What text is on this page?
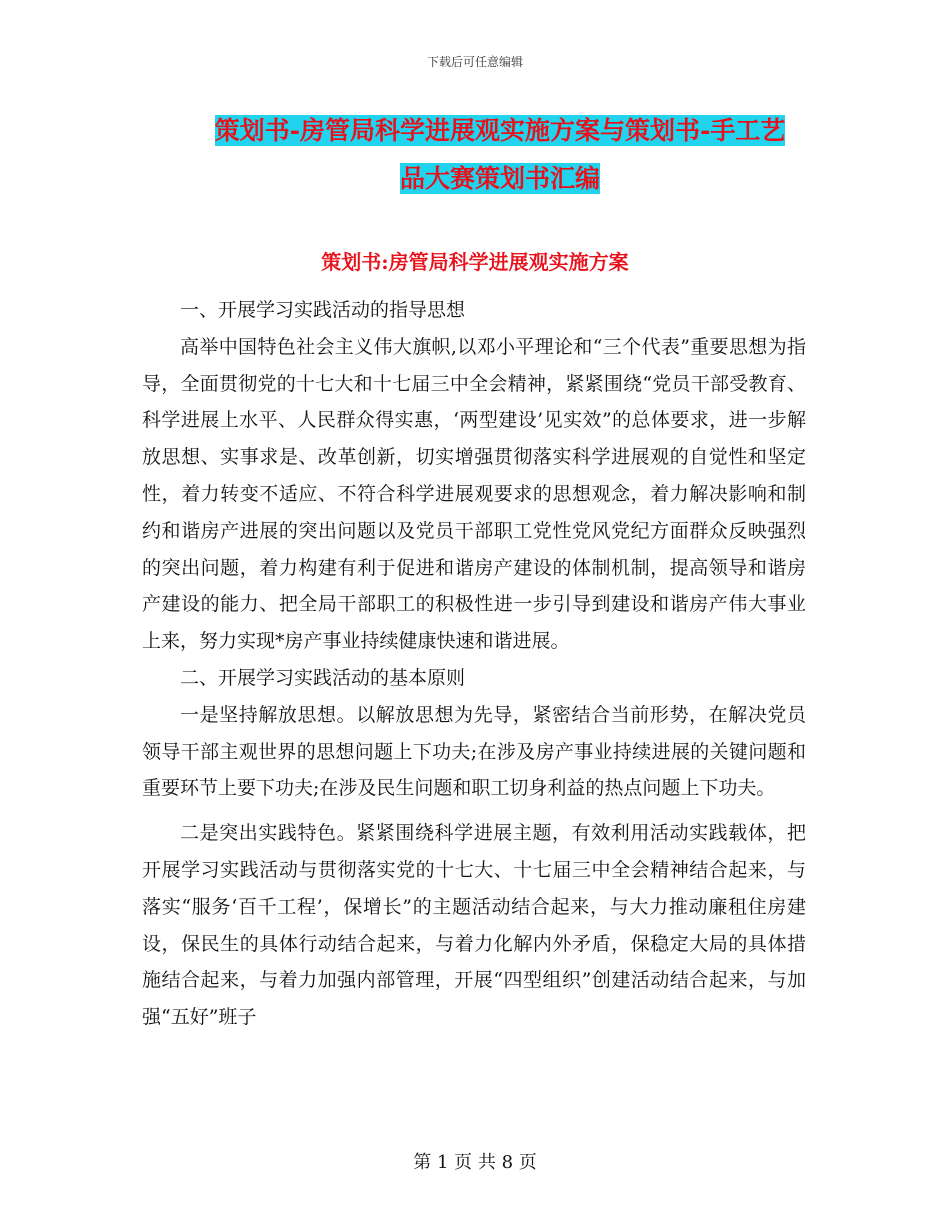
下载后可任意编辑
策划书-房管局科学进展观实施方案与策划书-手工艺
品大赛策划书汇编
策划书:房管局科学进展观实施方案

一、开展学习实践活动的指导思想

高举中国特色社会主义伟大旗帜,以邓小平理论和“三个代表”重要思想为指导，全面贯彻党的十七大和十七届三中全会精神，紧紧围绕“党员干部受教育、科学进展上水平、人民群众得实惠，‘两型建设’见实效”的总体要求，进一步解放思想、实事求是、改革创新，切实增强贯彻落实科学进展观的自觉性和坚定性，着力转变不适应、不符合科学进展观要求的思想观念，着力解决影响和制约和谐房产进展的突出问题以及党员干部职工党性党风党纪方面群众反映强烈的突出问题，着力构建有利于促进和谐房产建设的体制机制，提高领导和谐房产建设的能力、把全局干部职工的积极性进一步引导到建设和谐房产伟大事业上来，努力实现*房产事业持续健康快速和谐进展。

二、开展学习实践活动的基本原则

一是坚持解放思想。以解放思想为先导，紧密结合当前形势，在解决党员领导干部主观世界的思想问题上下功夫;在涉及房产事业持续进展的关键问题和重要环节上要下功夫;在涉及民生问题和职工切身利益的热点问题上下功夫。

二是突出实践特色。紧紧围绕科学进展主题，有效利用活动实践载体，把开展学习实践活动与贯彻落实党的十七大、十七届三中全会精神结合起来，与落实“服务‘百千工程’，保增长”的主题活动结合起来，与大力推动廉租住房建设，保民生的具体行动结合起来，与着力化解内外矛盾，保稳定大局的具体措施结合起来，与着力加强内部管理，开展“四型组织”创建活动结合起来，与加强“五好”班子

第 1 页 共 8 页
